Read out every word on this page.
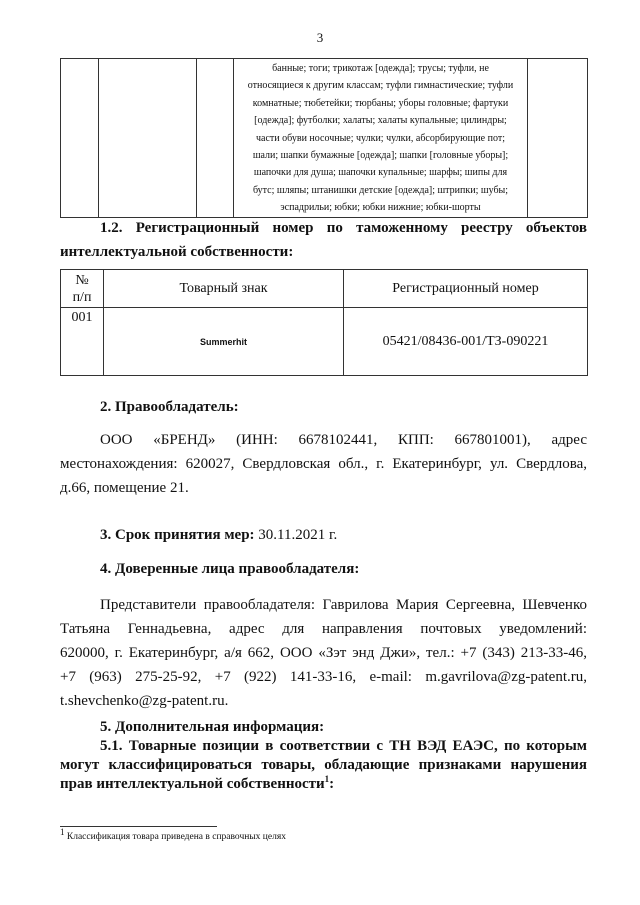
3

банные; тоги; трикотаж [одежда]; трусы; туфли, не
относящиеся к другим классам; туфли гимнастические; туфли
комнатные; тюбетейки; тюрбаны; уборы головные; фартуки
[одежда]; футболки; халаты; халаты купальные; цилиндры;
части обуви носочные; чулки; чулки, абсорбирующие пот;
шали; шапки бумажные [одежда]; шапки [головные уборы];
шапочки для душа; шапочки купальные; шарфы; шипы для
бутс; шляпы; штанишки детские [одежда]; штрипки; шубы;
эспадрильи; юбки; юбки нижние; юбки-шорты

1.2. Регистрационный номер по таможенному реестру объектов
интеллектуальной собственности:
№
п/п	Товарный знак	Регистрационный номер
001	Summerhit	05421/08436-001/ТЗ-090221
2. Правообладатель:
ООО «БРЕНД» (ИНН: 6678102441, КПП: 667801001), адрес
местонахождения: 620027, Свердловская обл., г. Екатеринбург, ул. Свердлова,
д.66, помещение 21.
3. Срок принятия мер: 30.11.2021 г.
4. Доверенные лица правообладателя:
Представители правообладателя: Гаврилова Мария Сергеевна, Шевченко
Татьяна Геннадьевна, адрес для направления почтовых уведомлений:
620000, г. Екатеринбург, а/я 662, ООО «Зэт энд Джи», тел.: +7 (343) 213-33-46,
+7 (963) 275-25-92, +7 (922) 141-33-16, e-mail: m.gavrilova@zg-patent.ru,
t.shevchenko@zg-patent.ru.
5. Дополнительная информация:
5.1. Товарные позиции в соответствии с ТН ВЭД ЕАЭС, по которым
могут классифицироваться товары, обладающие признаками нарушения
прав интеллектуальной собственности$^1$:
$^1$ Классификация товара приведена в справочных целях
